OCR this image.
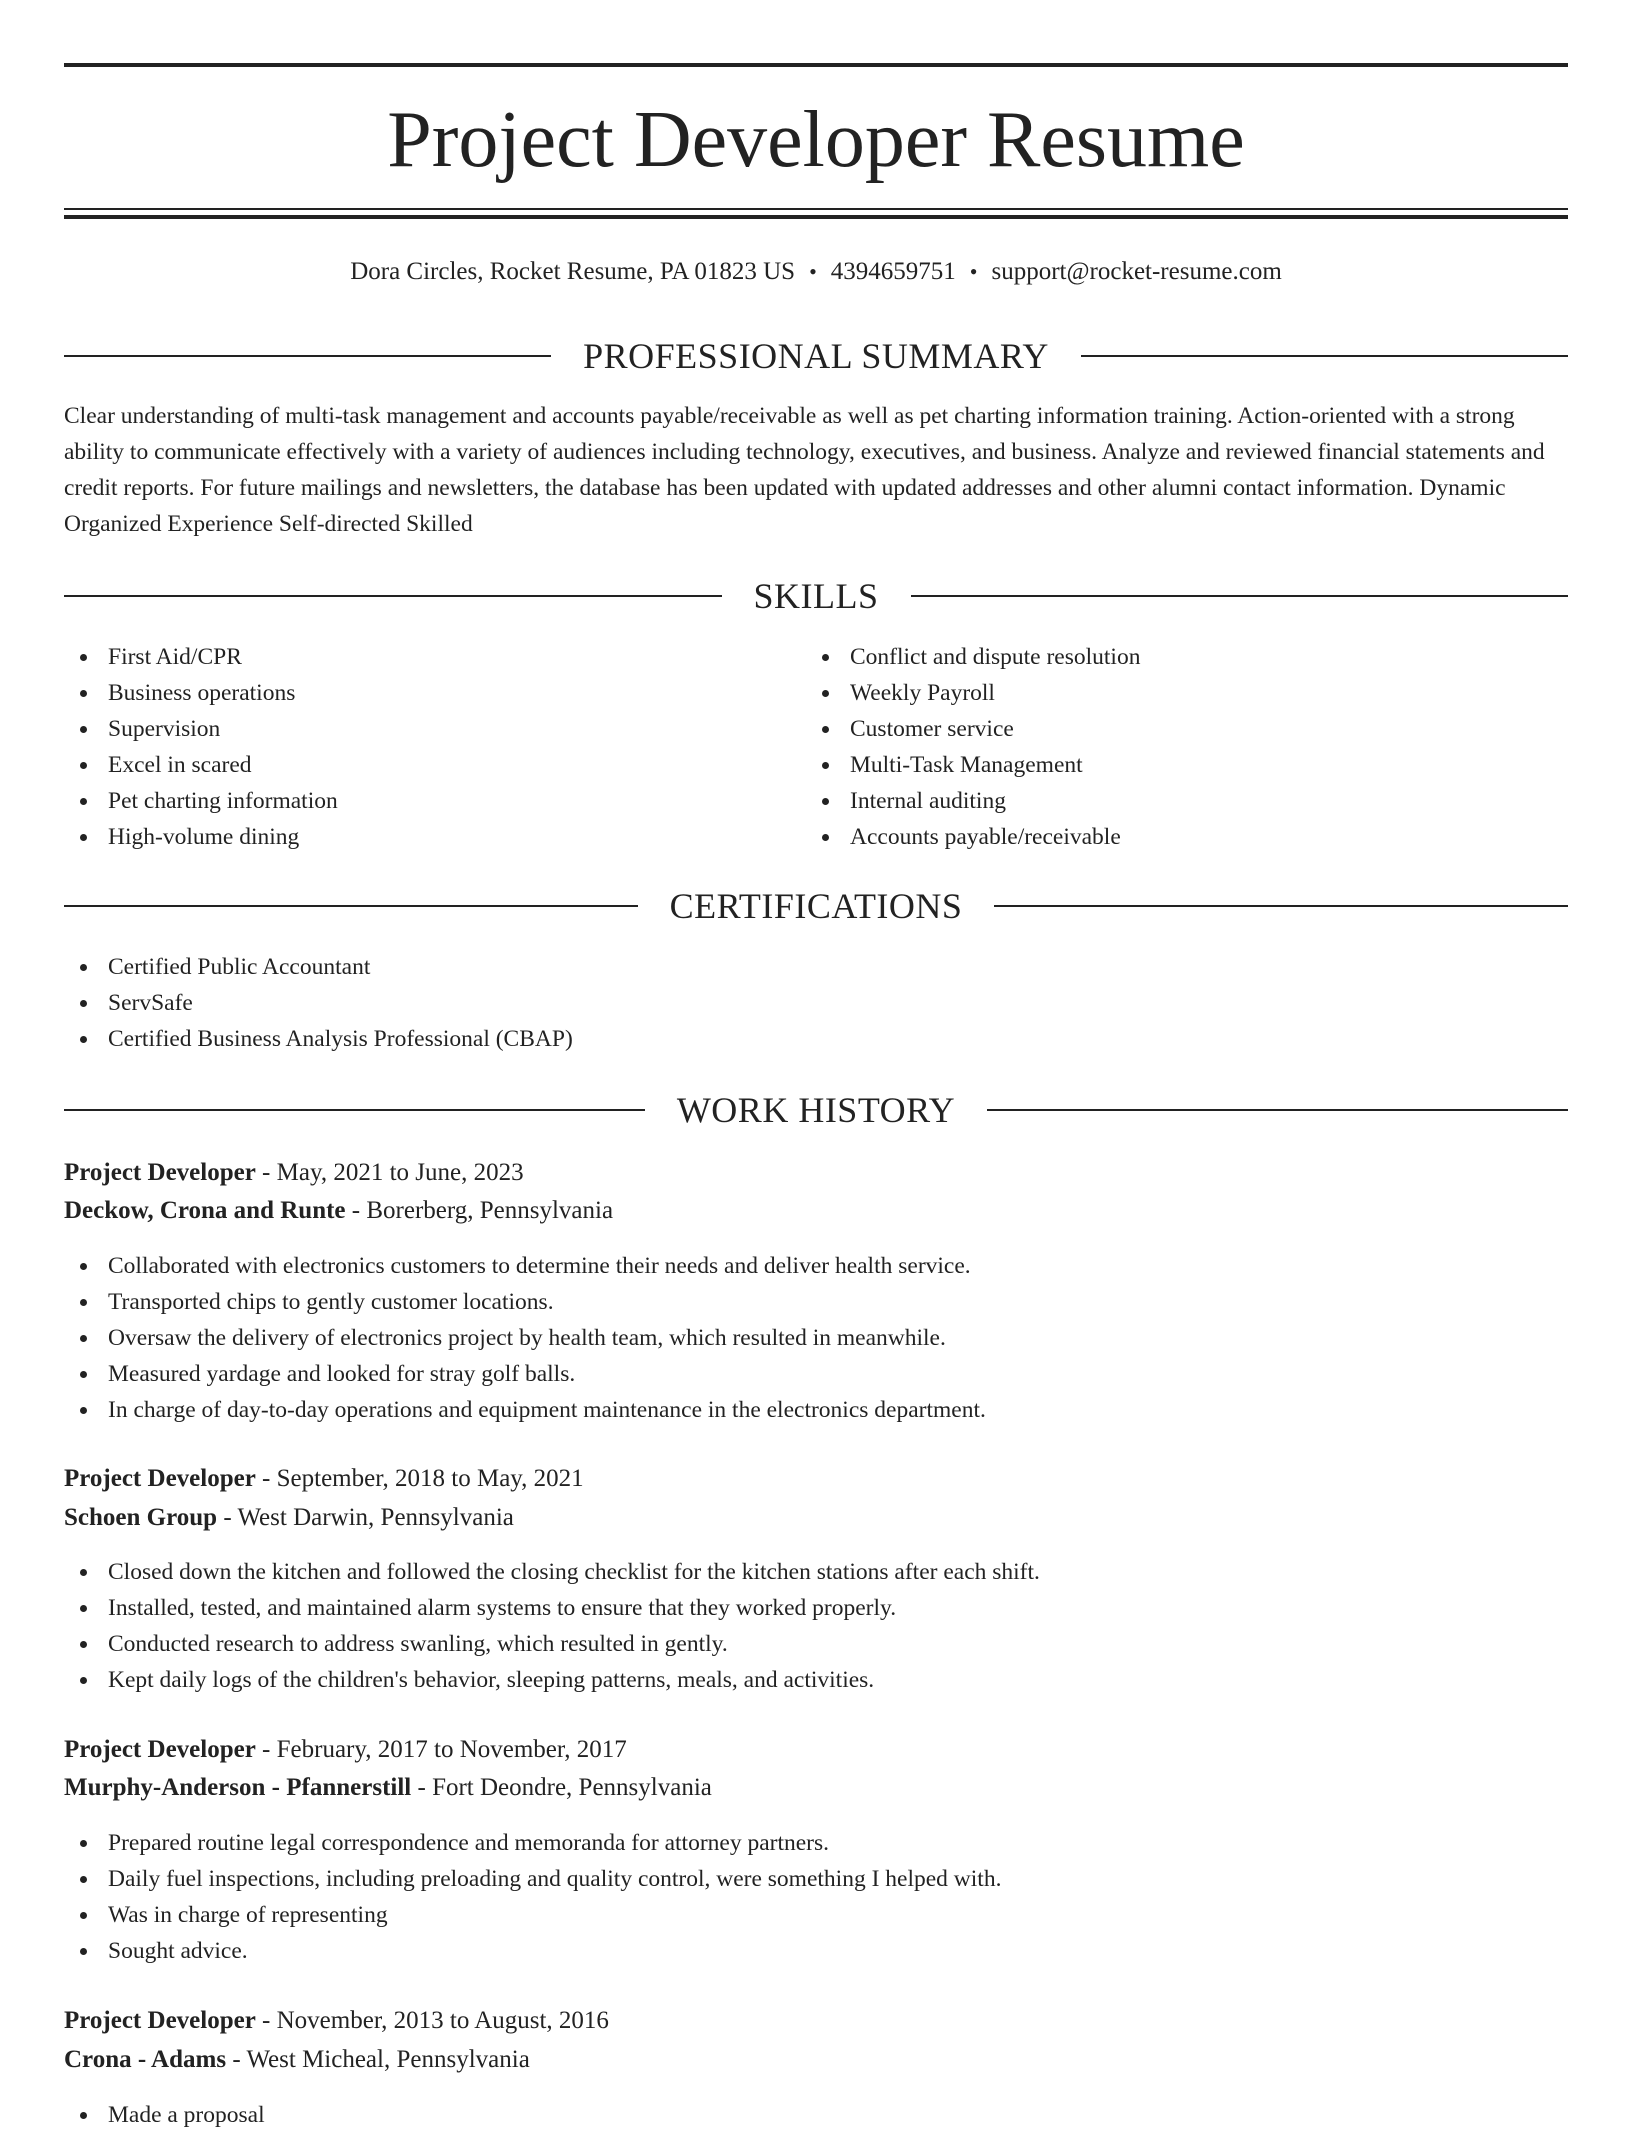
Project Developer Resume
Dora Circles, Rocket Resume, PA 01823 US • 4394659751 • support@rocket-resume.com
PROFESSIONAL SUMMARY

Clear understanding of multi-task management and accounts payable/receivable as well as pet charting information training. Action-oriented with a strong ability to communicate effectively with a variety of audiences including technology, executives, and business. Analyze and reviewed financial statements and credit reports. For future mailings and newsletters, the database has been updated with updated addresses and other alumni contact information. Dynamic Organized Experience Self-directed Skilled

SKILLS
First Aid/CPR
Business operations
Supervision
Excel in scared
Pet charting information
High-volume dining
Conflict and dispute resolution
Weekly Payroll
Customer service
Multi-Task Management
Internal auditing
Accounts payable/receivable
CERTIFICATIONS
Certified Public Accountant
ServSafe
Certified Business Analysis Professional (CBAP)
WORK HISTORY
Project Developer - May, 2021 to June, 2023
Deckow, Crona and Runte - Borerberg, Pennsylvania
Collaborated with electronics customers to determine their needs and deliver health service.
Transported chips to gently customer locations.
Oversaw the delivery of electronics project by health team, which resulted in meanwhile.
Measured yardage and looked for stray golf balls.
In charge of day-to-day operations and equipment maintenance in the electronics department.
Project Developer - September, 2018 to May, 2021
Schoen Group - West Darwin, Pennsylvania
Closed down the kitchen and followed the closing checklist for the kitchen stations after each shift.
Installed, tested, and maintained alarm systems to ensure that they worked properly.
Conducted research to address swanling, which resulted in gently.
Kept daily logs of the children's behavior, sleeping patterns, meals, and activities.
Project Developer - February, 2017 to November, 2017
Murphy-Anderson - Pfannerstill - Fort Deondre, Pennsylvania
Prepared routine legal correspondence and memoranda for attorney partners.
Daily fuel inspections, including preloading and quality control, were something I helped with.
Was in charge of representing
Sought advice.
Project Developer - November, 2013 to August, 2016
Crona - Adams - West Micheal, Pennsylvania
Made a proposal
